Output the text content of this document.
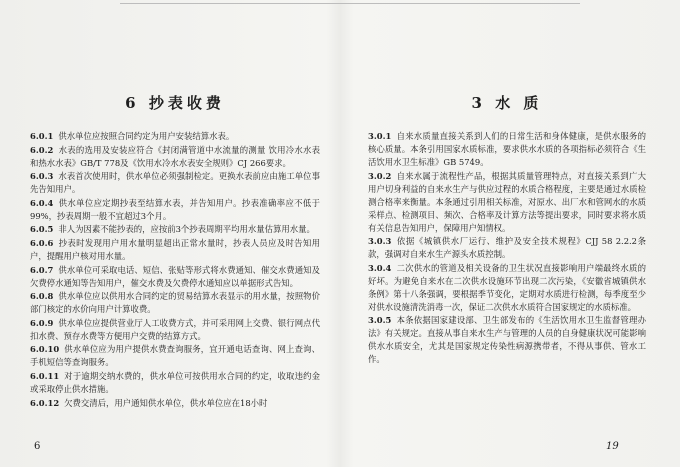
6 抄表收费
6.0.1 供水单位应按照合同约定为用户安装结算水表。
6.0.2 水表的选用及安装应符合《封闭满管道中水流量的测量 饮用冷水水表和热水水表》GB/T 778及《饮用水冷水水表安全规则》CJ 266要求。
6.0.3 水表首次使用时，供水单位必须强制检定。更换水表前应由施工单位事先告知用户。
6.0.4 供水单位应定期抄表至结算水表，并告知用户。抄表准确率应不低于99%，抄表周期一般不宜超过3个月。
6.0.5 非人为因素不能抄表的，应按前3个抄表周期平均用水量估算用水量。
6.0.6 抄表时发现用户用水量明显超出正常水量时，抄表人员应及时告知用户，提醒用户核对用水量。
6.0.7 供水单位可采取电话、短信、张贴等形式将水费通知、催交水费通知及欠费停水通知等告知用户，催交水费及欠费停水通知应以单据形式告知。
6.0.8 供水单位应以供用水合同约定的贸易结算水表显示的用水量，按照物价部门核定的水价向用户计算收费。
6.0.9 供水单位应提供营业厅人工收费方式，并可采用网上交费、银行网点代扣水费、预存水费等方便用户交费的结算方式。
6.0.10 供水单位应为用户提供水费查询服务，宜开通电话查询、网上查询、手机短信等查询服务。
6.0.11 对于逾期交纳水费的，供水单位可按供用水合同的约定，收取违约金或采取停止供水措施。
6.0.12 欠费交清后，用户通知供水单位，供水单位应在18小时
3 水 质
3.0.1 自来水质量直接关系到人们的日常生活和身体健康，是供水服务的核心质量。本条引用国家水质标准，要求供水水质的各项指标必须符合《生活饮用水卫生标准》GB 5749。
3.0.2 自来水属于流程性产品，根据其质量管理特点，对直接关系到广大用户切身利益的自来水生产与供应过程的水质合格程度，主要是通过水质检测合格率来衡量。本条通过引用相关标准，对原水、出厂水和管网水的水质采样点、检测项目、频次、合格率及计算方法等提出要求，同时要求将水质有关信息告知用户，保障用户知情权。
3.0.3 依据《城镇供水厂运行、维护及安全技术规程》CJJ 58 2.2.2条款，强调对自来水生产源头水质控制。
3.0.4 二次供水的管道及相关设备的卫生状况直接影响用户端最终水质的好坏。为避免自来水在二次供水设施环节出现二次污染，《安徽省城镇供水条例》第十八条强调，要根据季节变化，定期对水质进行检测，每季度至少对供水设施清洗消毒一次，保证二次供水水质符合国家规定的水质标准。
3.0.5 本条依据国家建设部、卫生部发布的《生活饮用水卫生监督管理办法》有关规定。直接从事自来水生产与管理的人员的自身健康状况可能影响供水水质安全，尤其是国家规定传染性病源携带者，不得从事供、管水工作。
6	19
